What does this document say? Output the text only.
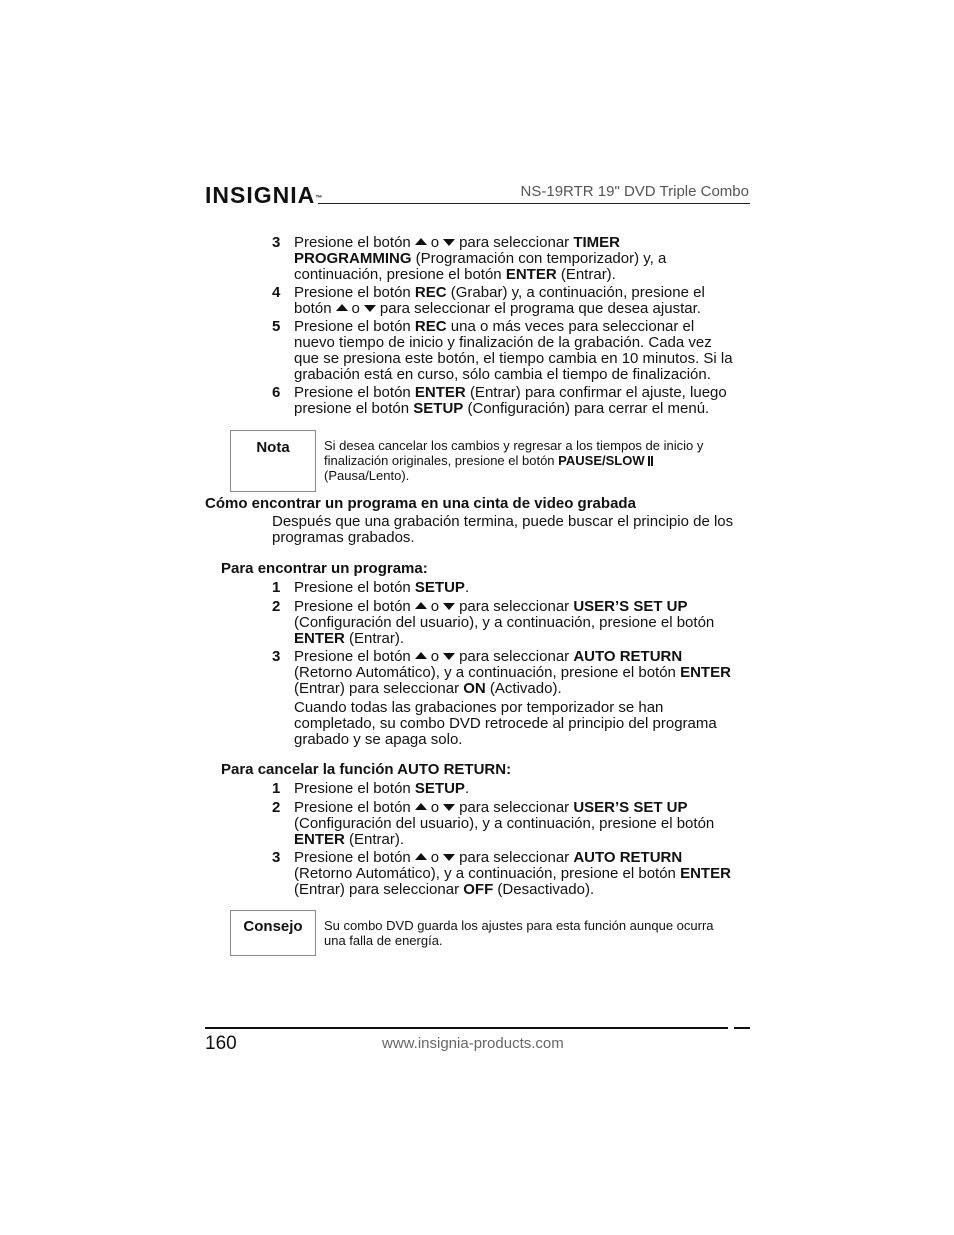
INSIGNIA™	NS-19RTR 19" DVD Triple Combo
3 Presione el botón o para seleccionar TIMER
PROGRAMMING (Programación con temporizador) y, a
continuación, presione el botón ENTER (Entrar).
4 Presione el botón REC (Grabar) y, a continuación, presione el
botón o para seleccionar el programa que desea ajustar.
5 Presione el botón REC una o más veces para seleccionar el
nuevo tiempo de inicio y finalización de la grabación. Cada vez
que se presiona este botón, el tiempo cambia en 10 minutos. Si la
grabación está en curso, sólo cambia el tiempo de finalización.
6 Presione el botón ENTER (Entrar) para confirmar el ajuste, luego
presione el botón SETUP (Configuración) para cerrar el menú.
Nota	Si desea cancelar los cambios y regresar a los tiempos de inicio y
finalización originales, presione el botón PAUSE/SLOW
(Pausa/Lento).
Cómo encontrar un programa en una cinta de video grabada
Después que una grabación termina, puede buscar el principio de los
programas grabados.
Para encontrar un programa:
1 Presione el botón SETUP.
2 Presione el botón o para seleccionar USER’S SET UP
(Configuración del usuario), y a continuación, presione el botón
ENTER (Entrar).
3 Presione el botón o para seleccionar AUTO RETURN
(Retorno Automático), y a continuación, presione el botón ENTER
(Entrar) para seleccionar ON (Activado).
Cuando todas las grabaciones por temporizador se han
completado, su combo DVD retrocede al principio del programa
grabado y se apaga solo.
Para cancelar la función AUTO RETURN:
1 Presione el botón SETUP.
2 Presione el botón o para seleccionar USER’S SET UP
(Configuración del usuario), y a continuación, presione el botón
ENTER (Entrar).
3 Presione el botón o para seleccionar AUTO RETURN
(Retorno Automático), y a continuación, presione el botón ENTER
(Entrar) para seleccionar OFF (Desactivado).
Consejo	Su combo DVD guarda los ajustes para esta función aunque ocurra
una falla de energía.
160	www.insignia-products.com
